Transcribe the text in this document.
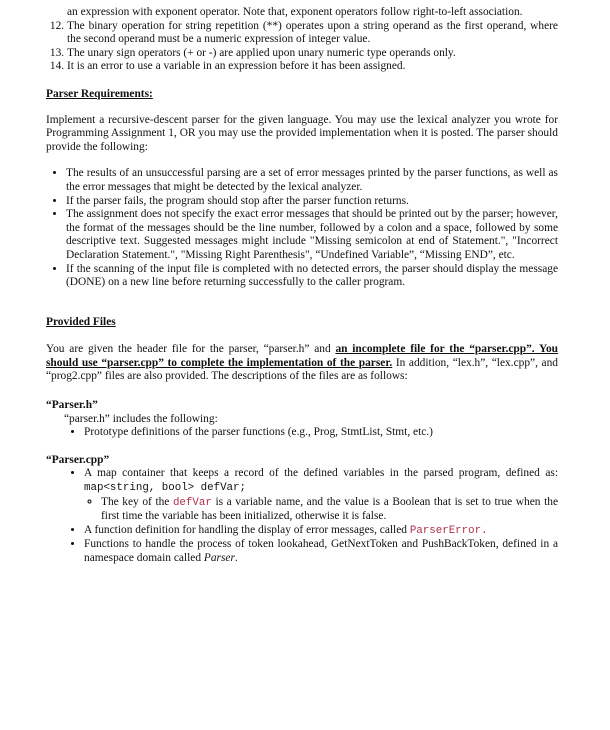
an expression with exponent operator. Note that, exponent operators follow right-to-left association.

12. The binary operation for string repetition (**) operates upon a string operand as the first operand, where the second operand must be a numeric expression of integer value.
13. The unary sign operators (+ or -) are applied upon unary numeric type operands only.
14. It is an error to use a variable in an expression before it has been assigned.

Parser Requirements:

Implement a recursive-descent parser for the given language. You may use the lexical analyzer you wrote for Programming Assignment 1, OR you may use the provided implementation when it is posted. The parser should provide the following:

• The results of an unsuccessful parsing are a set of error messages printed by the parser functions, as well as the error messages that might be detected by the lexical analyzer.
• If the parser fails, the program should stop after the parser function returns.
• The assignment does not specify the exact error messages that should be printed out by the parser; however, the format of the messages should be the line number, followed by a colon and a space, followed by some descriptive text. Suggested messages might include "Missing semicolon at end of Statement.", "Incorrect Declaration Statement.", "Missing Right Parenthesis", “Undefined Variable”, “Missing END”, etc.
• If the scanning of the input file is completed with no detected errors, the parser should display the message (DONE) on a new line before returning successfully to the caller program.

Provided Files

You are given the header file for the parser, “parser.h” and an incomplete file for the “parser.cpp”. You should use “parser.cpp” to complete the implementation of the parser. In addition, “lex.h”, “lex.cpp”, and “prog2.cpp” files are also provided. The descriptions of the files are as follows:

“Parser.h”

“parser.h” includes the following:

• Prototype definitions of the parser functions (e.g., Prog, StmtList, Stmt, etc.)

“Parser.cpp”

• A map container that keeps a record of the defined variables in the parsed program, defined as: map<string, bool> defVar;
◦ The key of the defVar is a variable name, and the value is a Boolean that is set to true when the first time the variable has been initialized, otherwise it is false.
• A function definition for handling the display of error messages, called ParserError.
• Functions to handle the process of token lookahead, GetNextToken and PushBackToken, defined in a namespace domain called Parser.
